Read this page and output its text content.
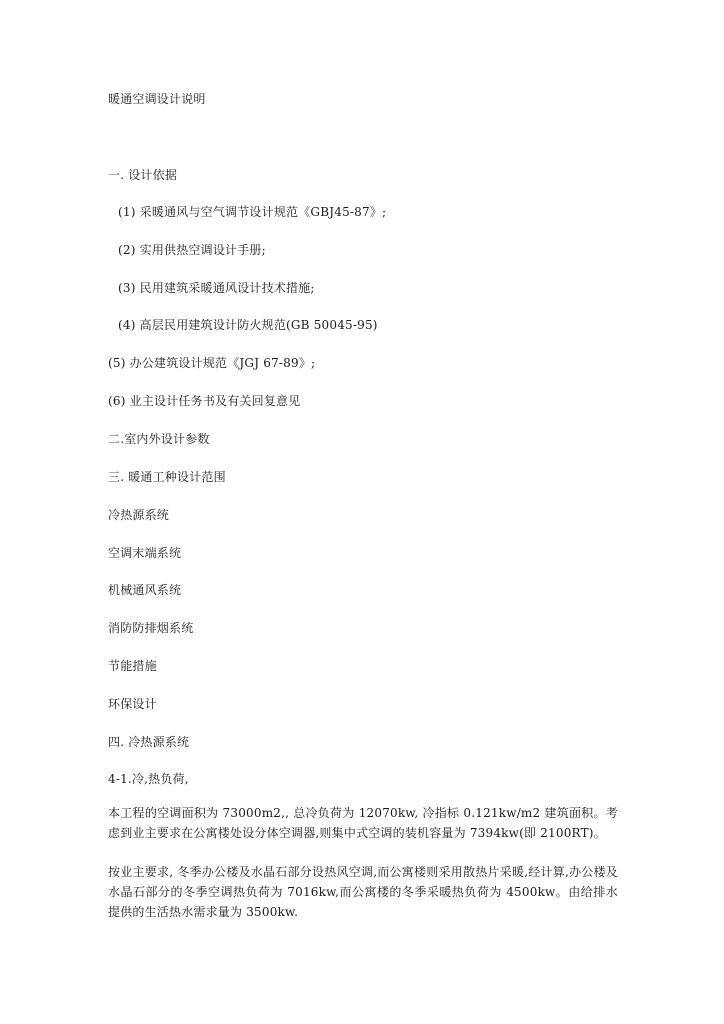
暖通空调设计说明
一. 设计依据
(1) 采暖通风与空气调节设计规范《GBJ45-87》;
(2) 实用供热空调设计手册;
(3) 民用建筑采暖通风设计技术措施;
(4) 高层民用建筑设计防火规范(GB 50045-95)
(5) 办公建筑设计规范《JGJ 67-89》;
(6) 业主设计任务书及有关回复意见
二.室内外设计参数
三. 暖通工种设计范围
冷热源系统
空调末端系统
机械通风系统
消防防排烟系统
节能措施
环保设计
四. 冷热源系统
4-1.冷,热负荷,
本工程的空调面积为 73000m2,, 总冷负荷为 12070kw, 冷指标 0.121kw/m2 建筑面积。考虑到业主要求在公寓楼处设分体空调器,则集中式空调的装机容量为 7394kw(即 2100RT)。
按业主要求, 冬季办公楼及水晶石部分设热风空调,而公寓楼则采用散热片采暖,经计算,办公楼及水晶石部分的冬季空调热负荷为 7016kw,而公寓楼的冬季采暖热负荷为 4500kw。由给排水提供的生活热水需求量为 3500kw.
